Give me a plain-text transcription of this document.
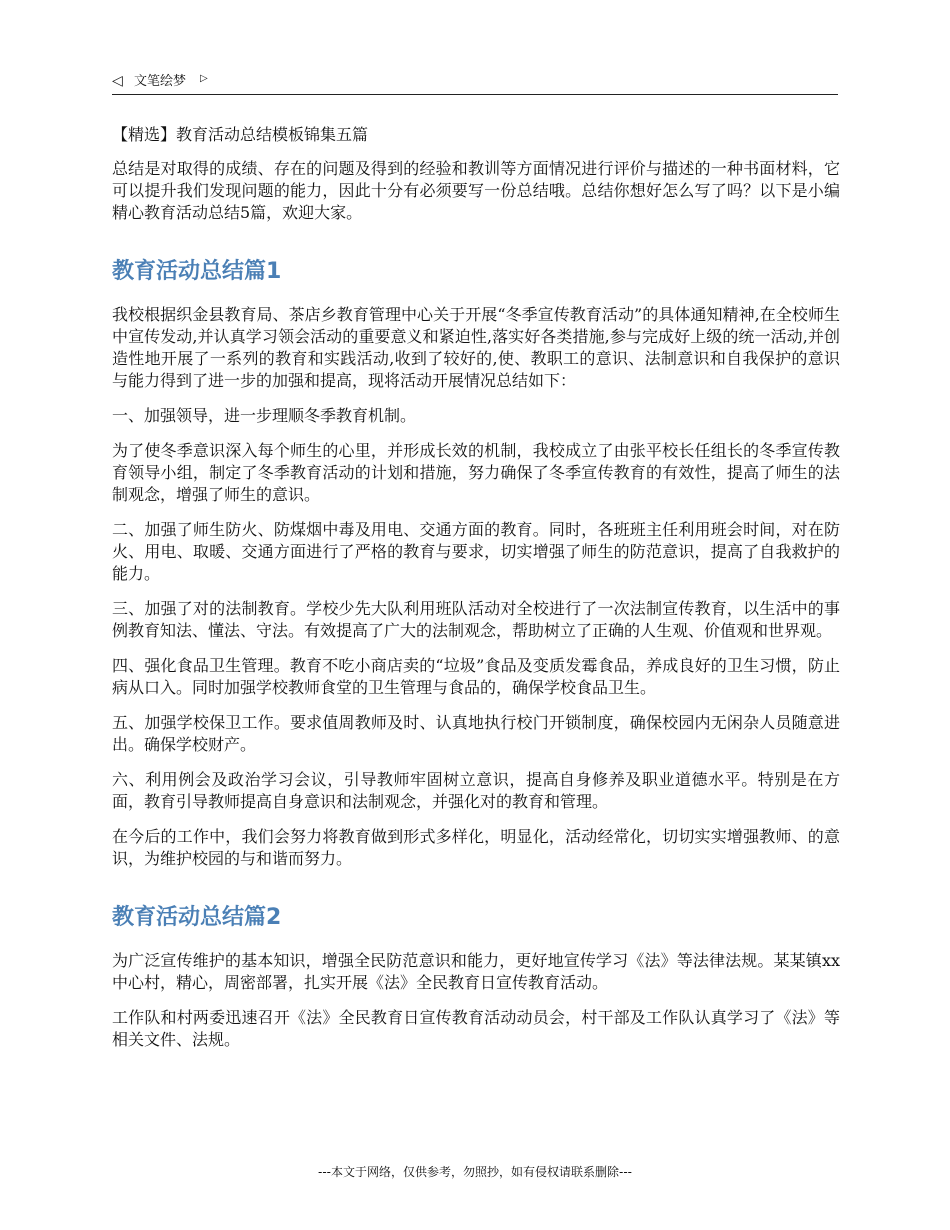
◁ 文笔绘梦 ▷

【精选】教育活动总结模板锦集五篇

总结是对取得的成绩、存在的问题及得到的经验和教训等方面情况进行评价与描述的一种书面材料，它可以提升我们发现问题的能力，因此十分有必须要写一份总结哦。总结你想好怎么写了吗？以下是小编精心教育活动总结5篇，欢迎大家。

教育活动总结篇1

我校根据织金县教育局、茶店乡教育管理中心关于开展“冬季宣传教育活动”的具体通知精神,在全校师生中宣传发动,并认真学习领会活动的重要意义和紧迫性,落实好各类措施,参与完成好上级的统一活动,并创造性地开展了一系列的教育和实践活动,收到了较好的,使、教职工的意识、法制意识和自我保护的意识与能力得到了进一步的加强和提高，现将活动开展情况总结如下：

一、加强领导，进一步理顺冬季教育机制。

为了使冬季意识深入每个师生的心里，并形成长效的机制，我校成立了由张平校长任组长的冬季宣传教育领导小组，制定了冬季教育活动的计划和措施，努力确保了冬季宣传教育的有效性，提高了师生的法制观念，增强了师生的意识。

二、加强了师生防火、防煤烟中毒及用电、交通方面的教育。同时，各班班主任利用班会时间，对在防火、用电、取暖、交通方面进行了严格的教育与要求，切实增强了师生的防范意识，提高了自我救护的能力。

三、加强了对的法制教育。学校少先大队利用班队活动对全校进行了一次法制宣传教育，以生活中的事例教育知法、懂法、守法。有效提高了广大的法制观念，帮助树立了正确的人生观、价值观和世界观。

四、强化食品卫生管理。教育不吃小商店卖的“垃圾”食品及变质发霉食品，养成良好的卫生习惯，防止病从口入。同时加强学校教师食堂的卫生管理与食品的，确保学校食品卫生。

五、加强学校保卫工作。要求值周教师及时、认真地执行校门开锁制度，确保校园内无闲杂人员随意进出。确保学校财产。

六、利用例会及政治学习会议，引导教师牢固树立意识，提高自身修养及职业道德水平。特别是在方面，教育引导教师提高自身意识和法制观念，并强化对的教育和管理。

在今后的工作中，我们会努力将教育做到形式多样化，明显化，活动经常化，切切实实增强教师、的意识，为维护校园的与和谐而努力。

教育活动总结篇2

为广泛宣传维护的基本知识，增强全民防范意识和能力，更好地宣传学习《法》等法律法规。某某镇xx中心村，精心，周密部署，扎实开展《法》全民教育日宣传教育活动。

工作队和村两委迅速召开《法》全民教育日宣传教育活动动员会，村干部及工作队认真学习了《法》等相关文件、法规。

---本文于网络，仅供参考，勿照抄，如有侵权请联系删除---
